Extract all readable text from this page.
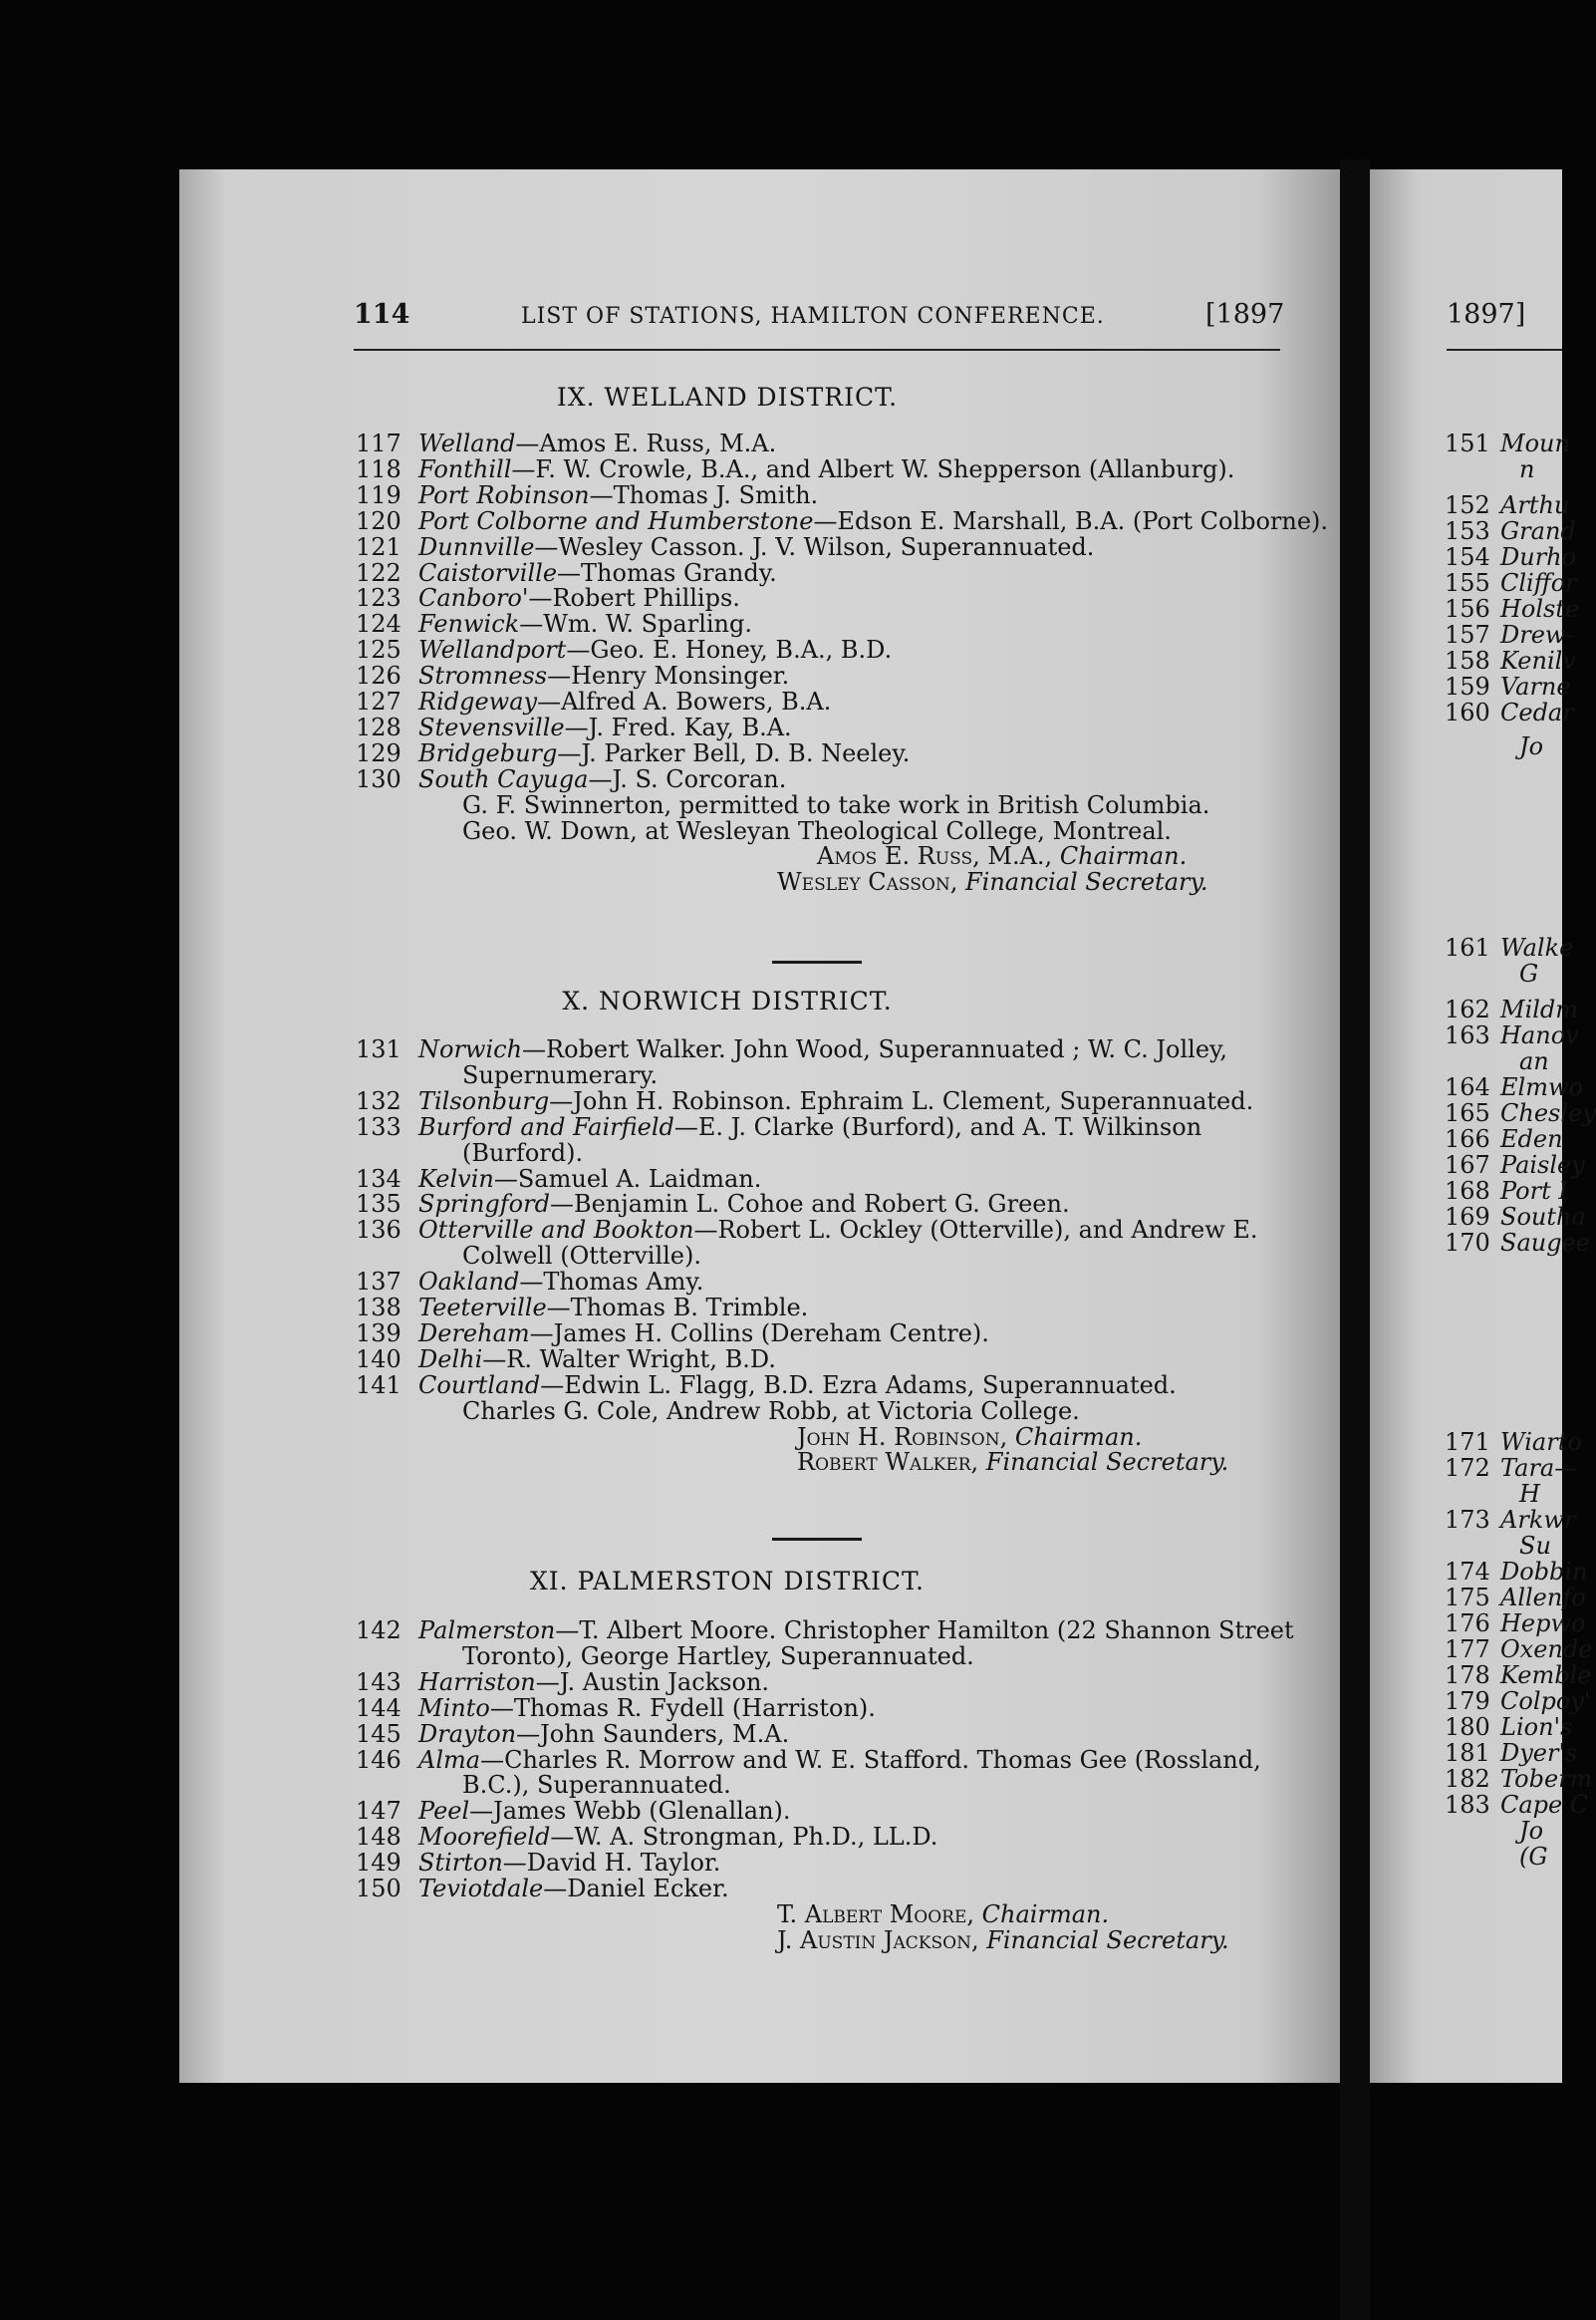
114	LIST OF STATIONS, HAMILTON CONFERENCE.	[1897
IX. WELLAND DISTRICT.
117 Welland—Amos E. Russ, M.A.
118 Fonthill—F. W. Crowle, B.A., and Albert W. Shepperson (Allanburg).
119 Port Robinson—Thomas J. Smith.
120 Port Colborne and Humberstone—Edson E. Marshall, B.A. (Port Colborne).
121 Dunnville—Wesley Casson. J. V. Wilson, Superannuated.
122 Caistorville—Thomas Grandy.
123 Canboro'—Robert Phillips.
124 Fenwick—Wm. W. Sparling.
125 Wellandport—Geo. E. Honey, B.A., B.D.
126 Stromness—Henry Monsinger.
127 Ridgeway—Alfred A. Bowers, B.A.
128 Stevensville—J. Fred. Kay, B.A.
129 Bridgeburg—J. Parker Bell, D. B. Neeley.
130 South Cayuga—J. S. Corcoran.
G. F. Swinnerton, permitted to take work in British Columbia.
Geo. W. Down, at Wesleyan Theological College, Montreal.
Amos E. Russ, M.A., Chairman.
Wesley Casson, Financial Secretary.
X. NORWICH DISTRICT.
131 Norwich—Robert Walker. John Wood, Superannuated ; W. C. Jolley,
Supernumerary.
132 Tilsonburg—John H. Robinson. Ephraim L. Clement, Superannuated.
133 Burford and Fairfield—E. J. Clarke (Burford), and A. T. Wilkinson
(Burford).
134 Kelvin—Samuel A. Laidman.
135 Springford—Benjamin L. Cohoe and Robert G. Green.
136 Otterville and Bookton—Robert L. Ockley (Otterville), and Andrew E.
Colwell (Otterville).
137 Oakland—Thomas Amy.
138 Teeterville—Thomas B. Trimble.
139 Dereham—James H. Collins (Dereham Centre).
140 Delhi—R. Walter Wright, B.D.
141 Courtland—Edwin L. Flagg, B.D. Ezra Adams, Superannuated.
Charles G. Cole, Andrew Robb, at Victoria College.
John H. Robinson, Chairman.
Robert Walker, Financial Secretary.
XI. PALMERSTON DISTRICT.
142 Palmerston—T. Albert Moore. Christopher Hamilton (22 Shannon Street
Toronto), George Hartley, Superannuated.
143 Harriston—J. Austin Jackson.
144 Minto—Thomas R. Fydell (Harriston).
145 Drayton—John Saunders, M.A.
146 Alma—Charles R. Morrow and W. E. Stafford. Thomas Gee (Rossland,
B.C.), Superannuated.
147 Peel—James Webb (Glenallan).
148 Moorefield—W. A. Strongman, Ph.D., LL.D.
149 Stirton—David H. Taylor.
150 Teviotdale—Daniel Ecker.
T. Albert Moore, Chairman.
J. Austin Jackson, Financial Secretary.
1897]
151 Moun
n
152 Arthu
153 Grand
154 Durho
155 Cliffor
156 Holste
157 Drew-
158 Kenilv
159 Varne
160 Cedar
Jo
161 Walke
G
162 Mildm
163 Hanov
an
164 Elmwo
165 Chesley
166 Eden
167 Paisley
168 Port I
169 Southa
170 Saugee
171 Wiarto
172 Tara—
H
173 Arkwr
Su
174 Dobbin
175 Allenfo
176 Hepwo
177 Oxende
178 Kemble
179 Colpoy'
180 Lion's
181 Dyer's
182 Toberm
183 Cape C
Jo
(G
